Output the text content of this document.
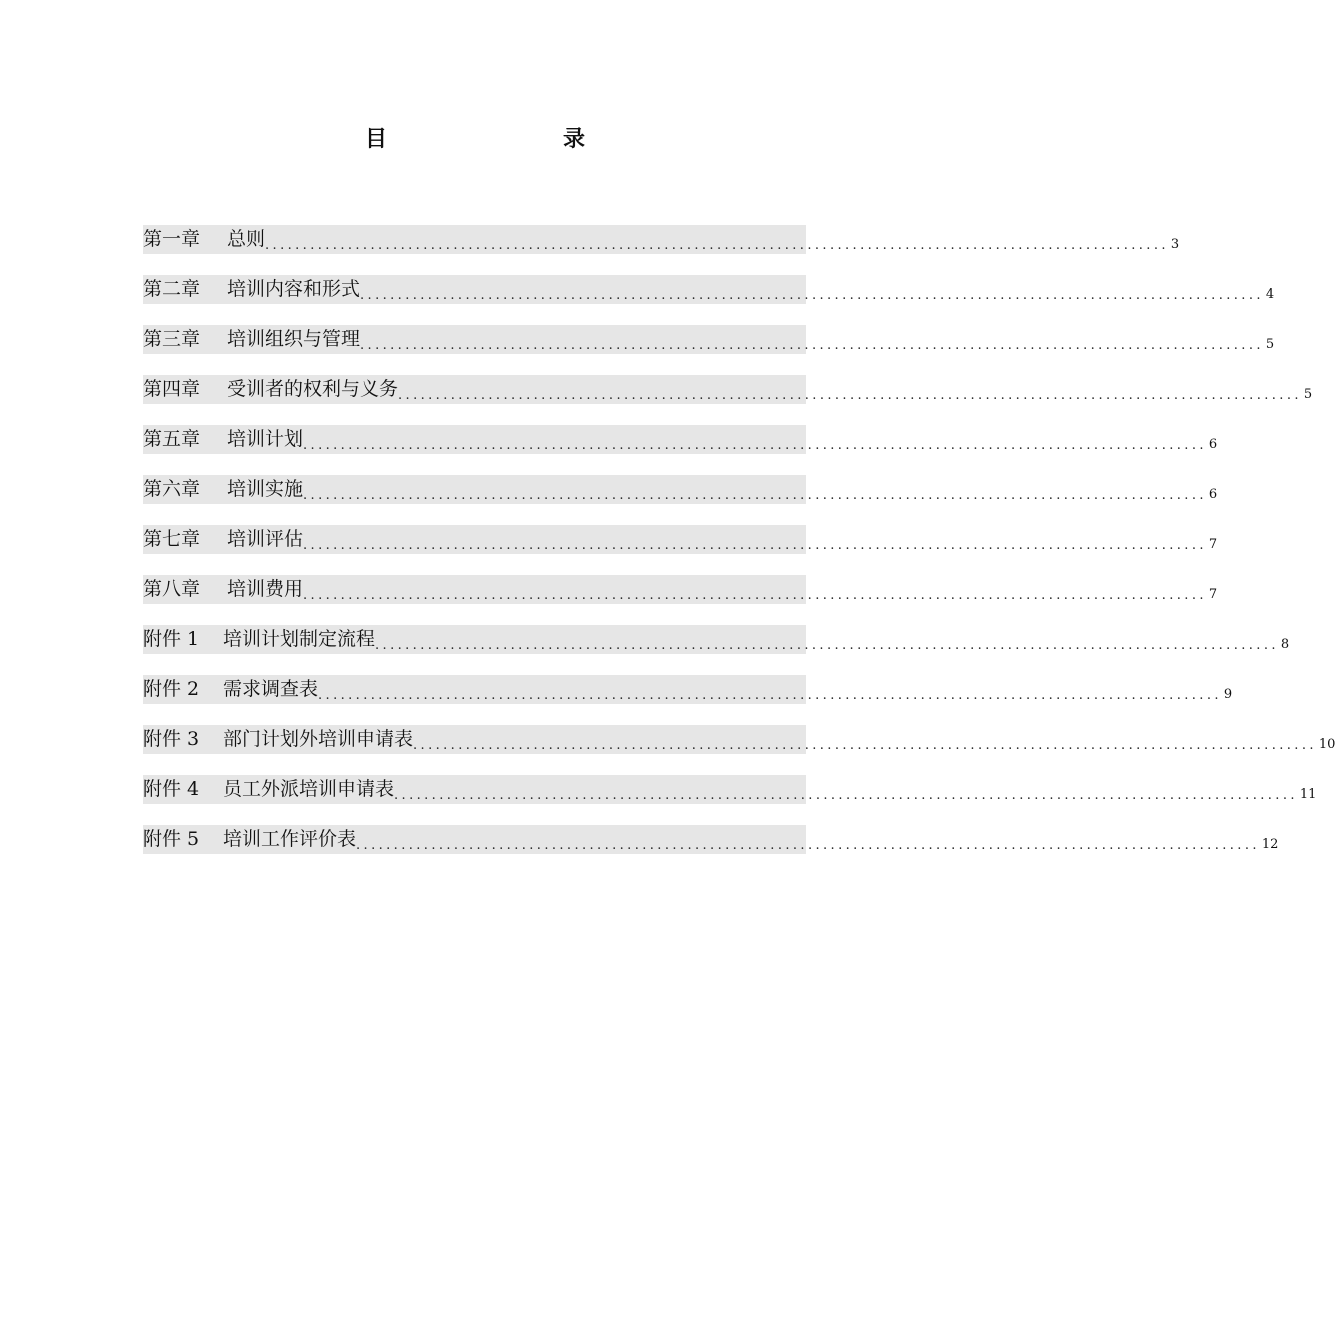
目　　录
第一章 总则 ........................................................................................................................ 3
第二章 培训内容和形式 ........................................................................................................................ 4
第三章 培训组织与管理 ........................................................................................................................ 5
第四章 受训者的权利与义务 ........................................................................................................................ 5
第五章 培训计划 ........................................................................................................................ 6
第六章 培训实施 ........................................................................................................................ 6
第七章 培训评估 ........................................................................................................................ 7
第八章 培训费用 ........................................................................................................................ 7
附件 1 培训计划制定流程 ........................................................................................................................ 8
附件 2 需求调查表 ........................................................................................................................ 9
附件 3 部门计划外培训申请表 ........................................................................................................................ 10
附件 4 员工外派培训申请表 ........................................................................................................................ 11
附件 5 培训工作评价表 ........................................................................................................................ 12
